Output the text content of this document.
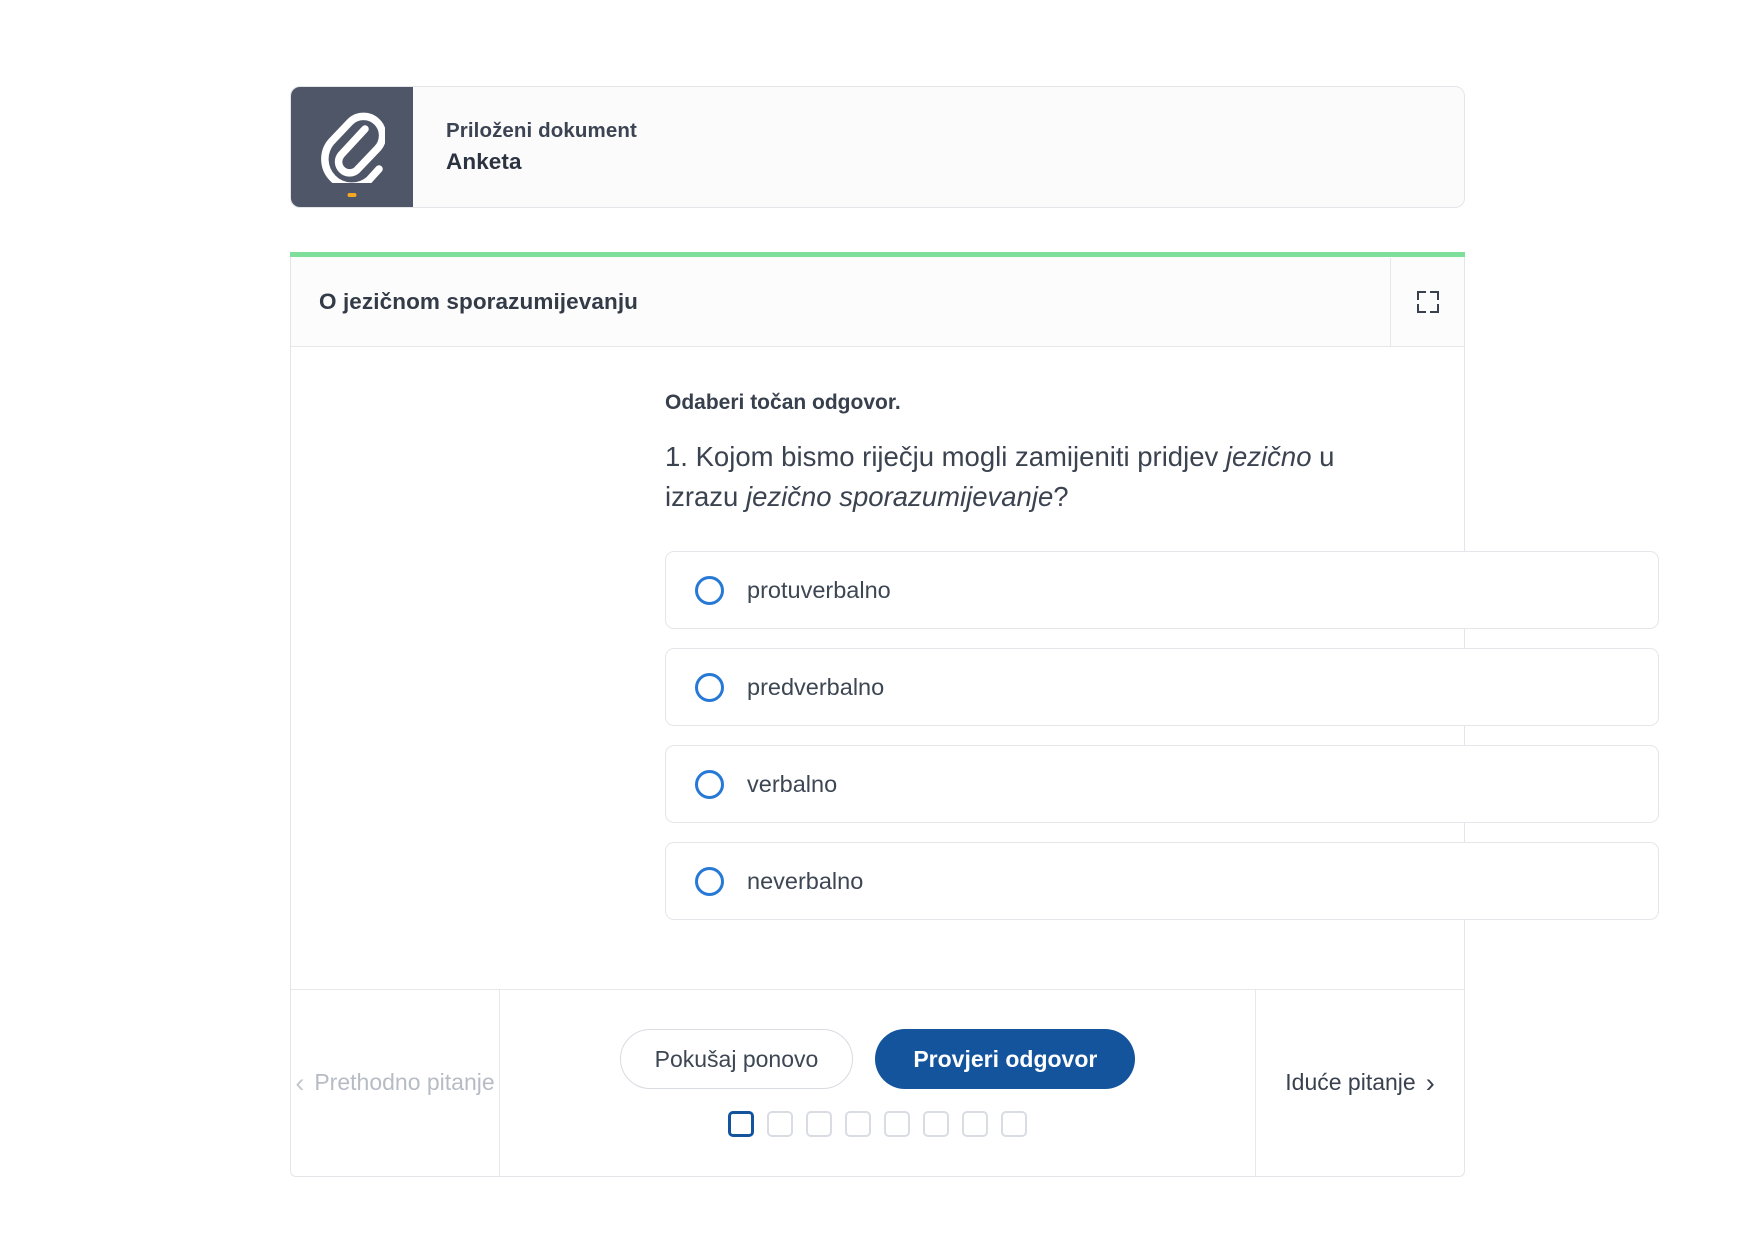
Priloženi dokument
Anketa
O jezičnom sporazumijevanju

Odaberi točan odgovor.

1. Kojom bismo riječju mogli zamijeniti pridjev jezično u izrazu jezično sporazumijevanje?

protuverbalno
predverbalno
verbalno
neverbalno
‹ Prethodno pitanje
Pokušaj ponovo	Provjeri odgovor
Iduće pitanje ›
